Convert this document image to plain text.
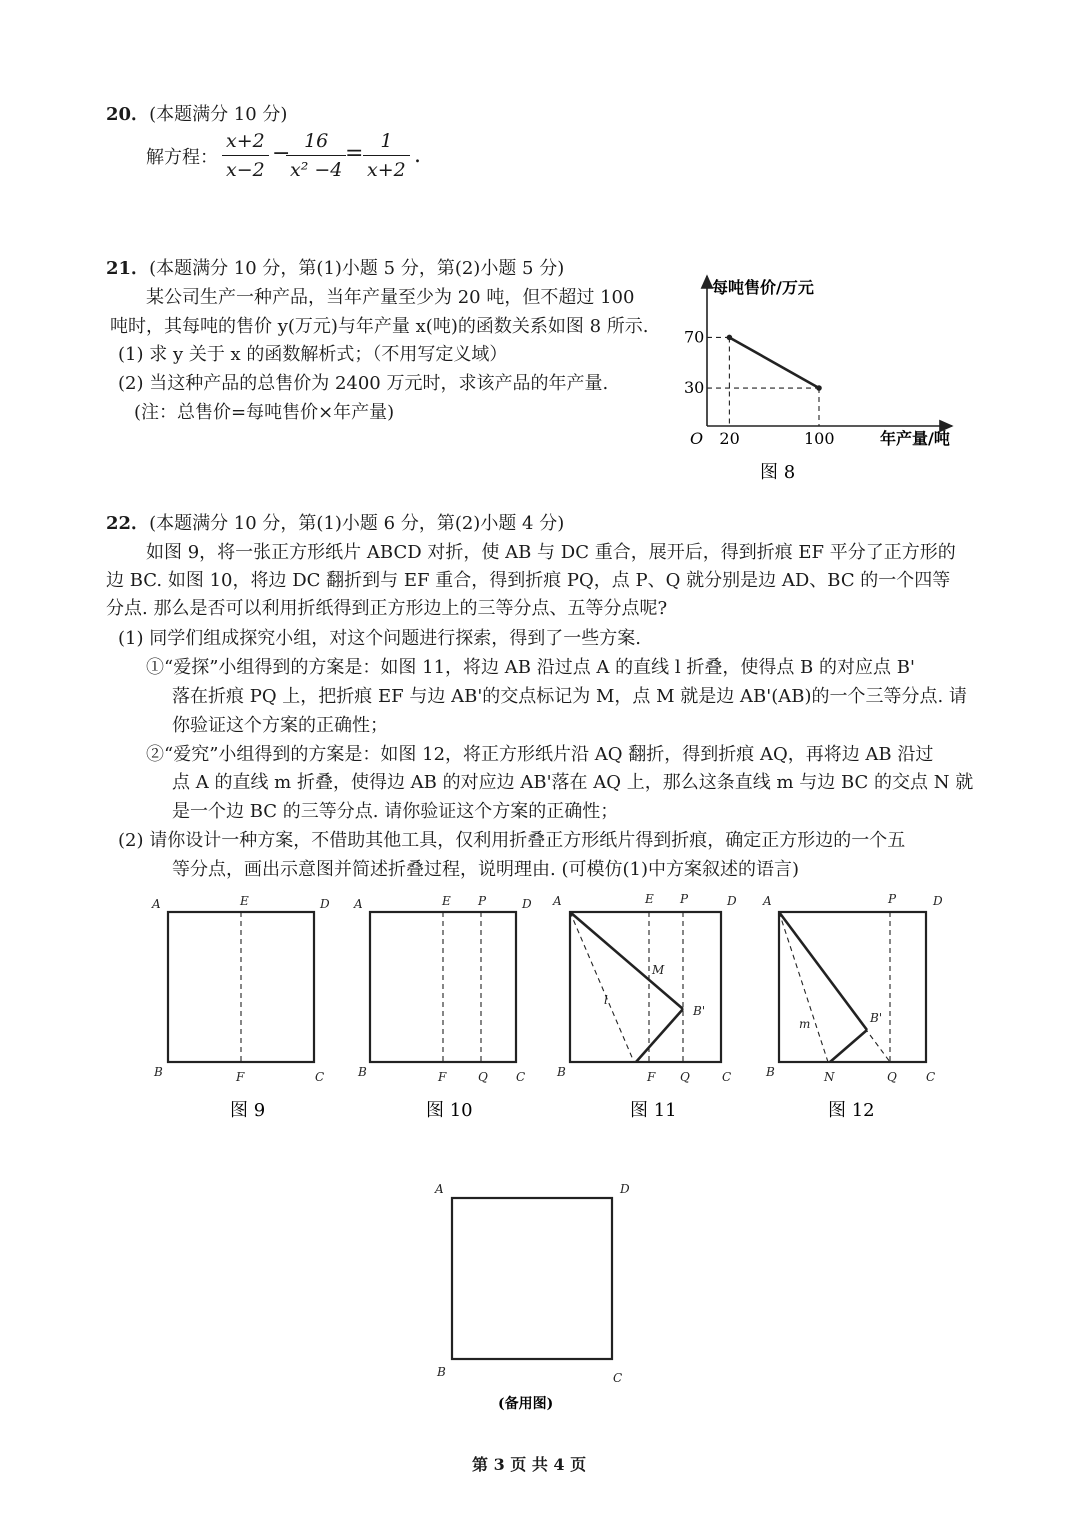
20．(本题满分 10 分)
解方程： $\frac{x+2}{x-2}$ −
$\frac{16}{\text{x² −4}}$
= $\frac{1}{x+2}$ .
21．(本题满分 10 分，第(1)小题 5 分，第(2)小题 5 分)
某公司生产一种产品，当年产量至少为 20 吨，但不超过 100
吨时，其每吨的售价 y(万元)与年产量 x(吨)的函数关系如图 8 所示.
(1) 求 y 关于 x 的函数解析式；（不用写定义域）
(2) 当这种产品的总售价为 2400 万元时，求该产品的年产量.
(注：总售价=每吨售价×年产量)
每吨售价/万元
年产量/吨
O
70
30
20	100
图 8
22．(本题满分 10 分，第(1)小题 6 分，第(2)小题 4 分)
如图 9，将一张正方形纸片 ABCD 对折，使 AB 与 DC 重合，展开后，得到折痕 EF 平分了正方形的
边 BC. 如图 10，将边 DC 翻折到与 EF 重合，得到折痕 PQ，点 P、Q 就分别是边 AD、BC 的一个四等
分点. 那么是否可以利用折纸得到正方形边上的三等分点、五等分点呢?
(1) 同学们组成探究小组，对这个问题进行探索，得到了一些方案.
①“爱探”小组得到的方案是：如图 11，将边 AB 沿过点 A 的直线 l 折叠，使得点 B 的对应点 B'
落在折痕 PQ 上，把折痕 EF 与边 AB'的交点标记为 M，点 M 就是边 AB'(AB)的一个三等分点. 请
你验证这个方案的正确性；
②“爱究”小组得到的方案是：如图 12，将正方形纸片沿 AQ 翻折，得到折痕 AQ，再将边 AB 沿过
点 A 的直线 m 折叠，使得边 AB 的对应边 AB'落在 AQ 上，那么这条直线 m 与边 BC 的交点 N 就
是一个边 BC 的三等分点. 请你验证这个方案的正确性；
(2) 请你设计一种方案，不借助其他工具，仅利用折叠正方形纸片得到折痕，确定正方形边的一个五
等分点，画出示意图并简述折叠过程，说明理由. (可模仿(1)中方案叙述的语言)
A	E	D
B	F	C
图 9
A	E P	D
B	F	Q C
图 10
A	E P	D
M
B'
l
B	F Q	C
图 11
A	P	D
B'
m
B	N	Q C
图 12
A	D
B	C
(备用图)
第 3 页 共 4 页
